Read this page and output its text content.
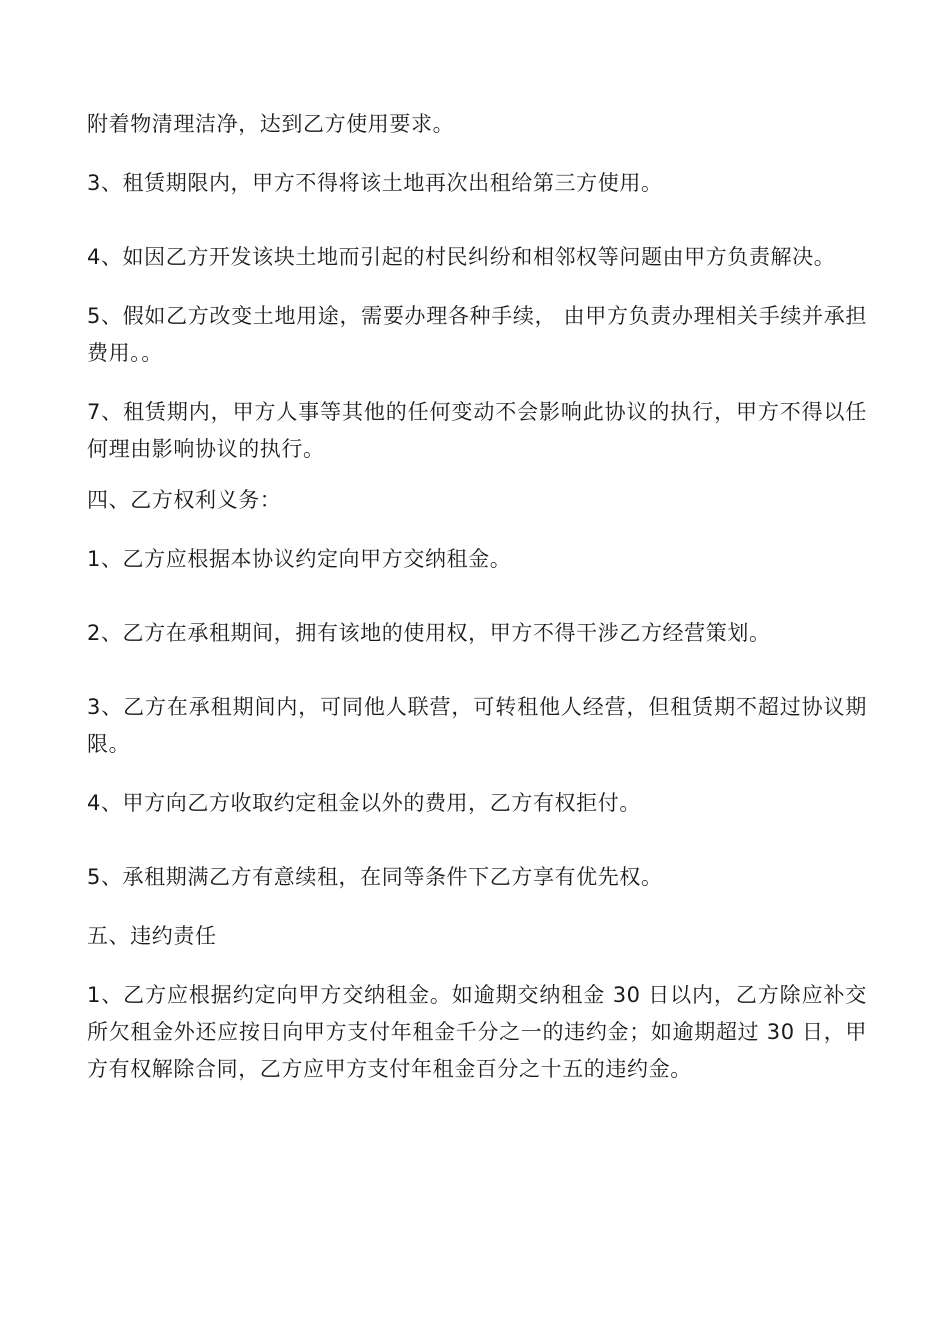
附着物清理洁净，达到乙方使用要求。

3、租赁期限内，甲方不得将该土地再次出租给第三方使用。

4、如因乙方开发该块土地而引起的村民纠纷和相邻权等问题由甲方负责解决。

5、假如乙方改变土地用途，需要办理各种手续， 由甲方负责办理相关手续并承担费用。。

7、租赁期内，甲方人事等其他的任何变动不会影响此协议的执行，甲方不得以任何理由影响协议的执行。

四、乙方权利义务：

1、乙方应根据本协议约定向甲方交纳租金。

2、乙方在承租期间，拥有该地的使用权，甲方不得干涉乙方经营策划。

3、乙方在承租期间内，可同他人联营，可转租他人经营，但租赁期不超过协议期限。

4、甲方向乙方收取约定租金以外的费用，乙方有权拒付。

5、承租期满乙方有意续租，在同等条件下乙方享有优先权。

五、违约责任

1、乙方应根据约定向甲方交纳租金。如逾期交纳租金 30 日以内，乙方除应补交所欠租金外还应按日向甲方支付年租金千分之一的违约金；如逾期超过 30 日，甲方有权解除合同，乙方应甲方支付年租金百分之十五的违约金。
